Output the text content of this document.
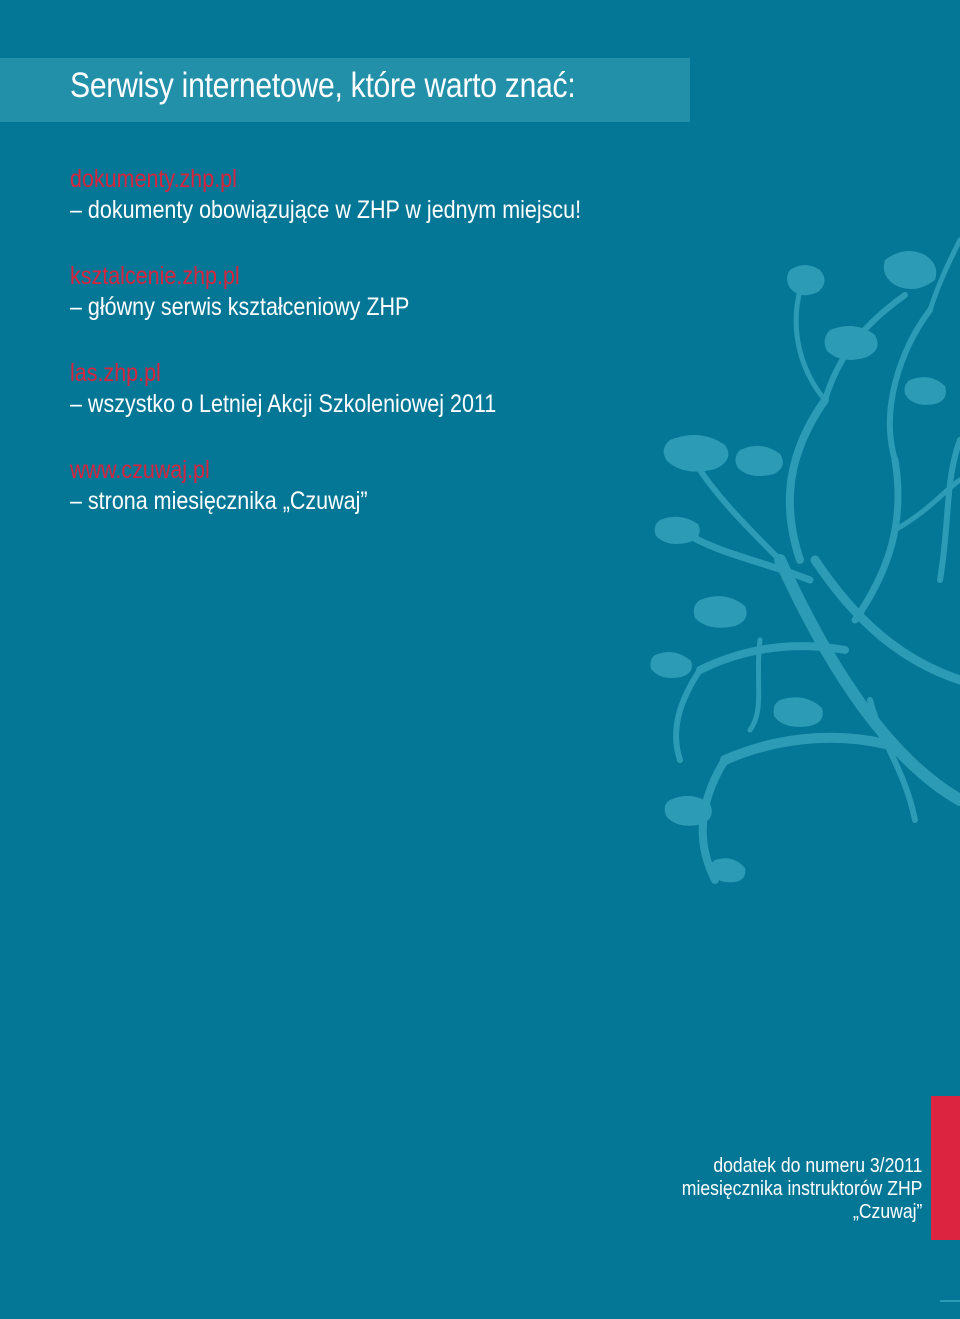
Serwisy internetowe, które warto znać:
dokumenty.zhp.pl
– dokumenty obowiązujące w ZHP w jednym miejscu!
ksztalcenie.zhp.pl
– główny serwis kształceniowy ZHP
las.zhp.pl
– wszystko o Letniej Akcji Szkoleniowej 2011
www.czuwaj.pl
– strona miesięcznika „Czuwaj”
dodatek do numeru 3/2011
miesięcznika instruktorów ZHP
„Czuwaj”
